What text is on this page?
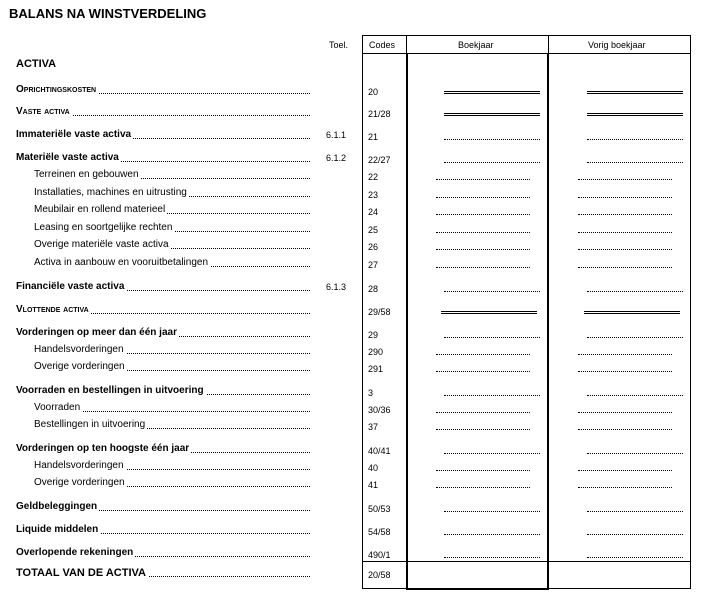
BALANS NA WINSTVERDELING
Toel. Codes	Boekjaar	Vorig boekjaar
ACTIVA
Oprichtingskosten	20
Vaste activa	21/28
Immateriële vaste activa	6.1.1 21
Materiële vaste activa	6.1.2 22/27
Terreinen en gebouwen	22
Installaties, machines en uitrusting	23
Meubilair en rollend materieel	24
Leasing en soortgelijke rechten	25
Overige materiële vaste activa	26
Activa in aanbouw en vooruitbetalingen	27
Financiële vaste activa	6.1.3 28
Vlottende activa	29/58
Vorderingen op meer dan één jaar	29
Handelsvorderingen	290
Overige vorderingen	291
Voorraden en bestellingen in uitvoering	3
Voorraden	30/36
Bestellingen in uitvoering	37
Vorderingen op ten hoogste één jaar	40/41
Handelsvorderingen	40
Overige vorderingen	41
Geldbeleggingen	50/53
Liquide middelen	54/58
Overlopende rekeningen	490/1
TOTAAL VAN DE ACTIVA	20/58
